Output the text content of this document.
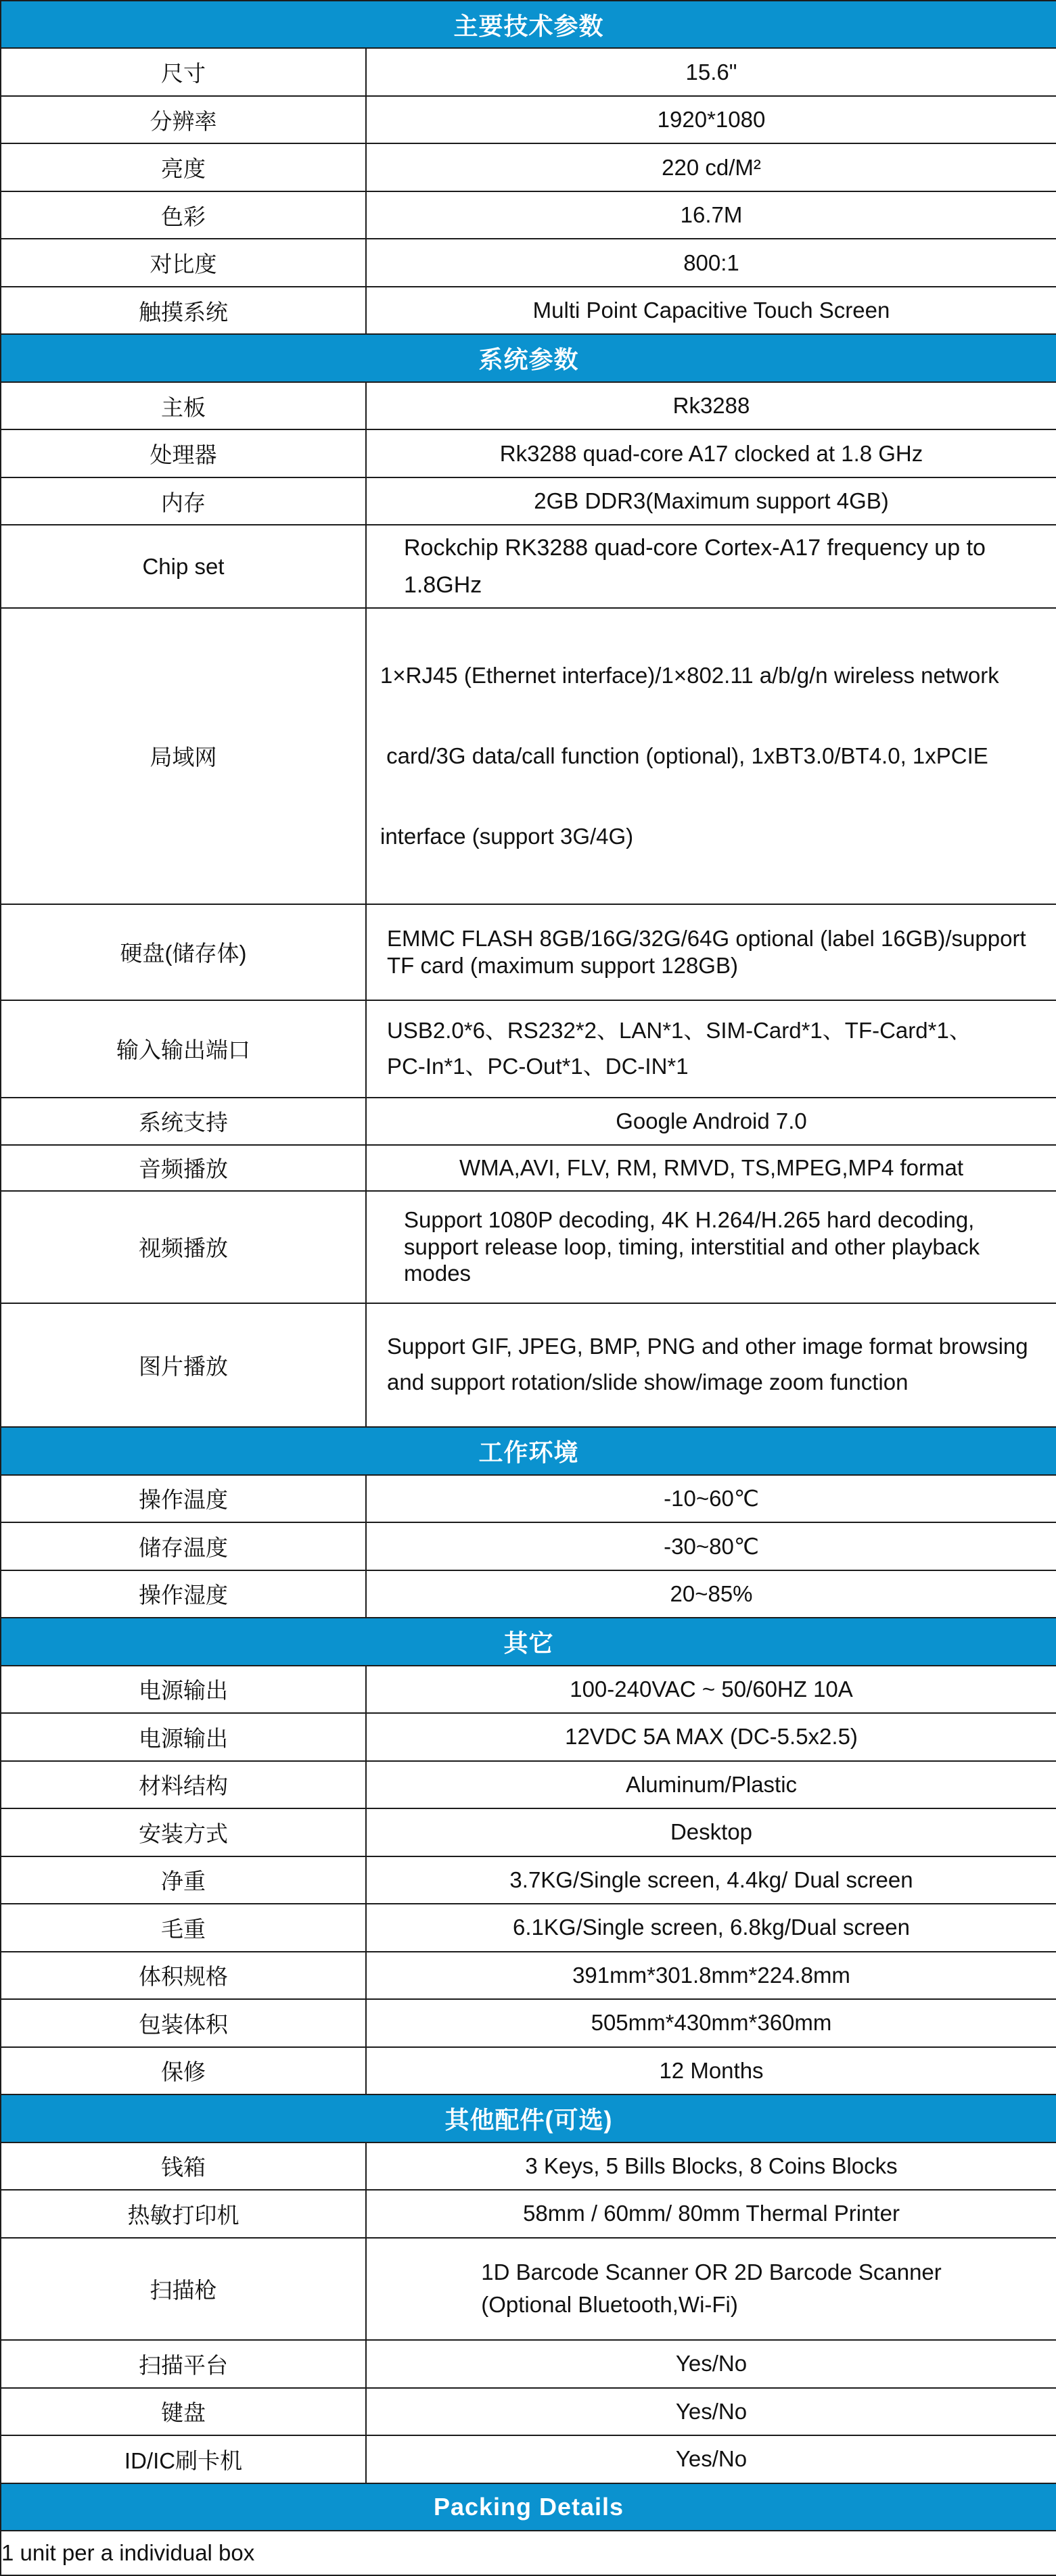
主要技术参数	
尺寸	15.6"
分辨率	1920*1080
亮度	220 cd/M²
色彩	16.7M
对比度	800:1
触摸系统	Multi Point Capacitive Touch Screen
系统参数	
主板	Rk3288
处理器	Rk3288 quad-core A17 clocked at 1.8 GHz
内存	2GB DDR3(Maximum support 4GB)
Chip set	Rockchip RK3288 quad-core Cortex-A17 frequency up to
1.8GHz

局域网	1×RJ45 (Ethernet interface)/1×802.11 a/b/g/n wireless network

card/3G data/call function (optional), 1xBT3.0/BT4.0, 1xPCIE

interface (support 3G/4G)

硬盘(储存体)	EMMC FLASH 8GB/16G/32G/64G optional (label 16GB)/support
TF card (maximum support 128GB)

输入输出端口	USB2.0*6、RS232*2、LAN*1、SIM-Card*1、TF-Card*1、
PC-In*1、PC-Out*1、DC-IN*1

系统支持	Google Android 7.0
音频播放	WMA,AVI, FLV, RM, RMVD, TS,MPEG,MP4 format
视频播放	Support 1080P decoding, 4K H.264/H.265 hard decoding,
support release loop, timing, interstitial and other playback
modes

图片播放	Support GIF, JPEG, BMP, PNG and other image format browsing
and support rotation/slide show/image zoom function

工作环境	
操作温度	-10~60℃
储存温度	-30~80℃
操作湿度	20~85%
其它	
电源输出	100-240VAC ~ 50/60HZ 10A
电源输出	12VDC 5A MAX (DC-5.5x2.5)
材料结构	Aluminum/Plastic
安装方式	Desktop
净重	3.7KG/Single screen, 4.4kg/ Dual screen
毛重	6.1KG/Single screen, 6.8kg/Dual screen
体积规格	391mm*301.8mm*224.8mm
包装体积	505mm*430mm*360mm
保修	12 Months
其他配件(可选)	
钱箱	3 Keys, 5 Bills Blocks, 8 Coins Blocks
热敏打印机	58mm / 60mm/ 80mm Thermal Printer
扫描枪	1D Barcode Scanner OR 2D Barcode Scanner
(Optional Bluetooth,Wi-Fi)

扫描平台	Yes/No
键盘	Yes/No
ID/IC刷卡机	Yes/No
Packing Details	
1 unit per a individual box	
